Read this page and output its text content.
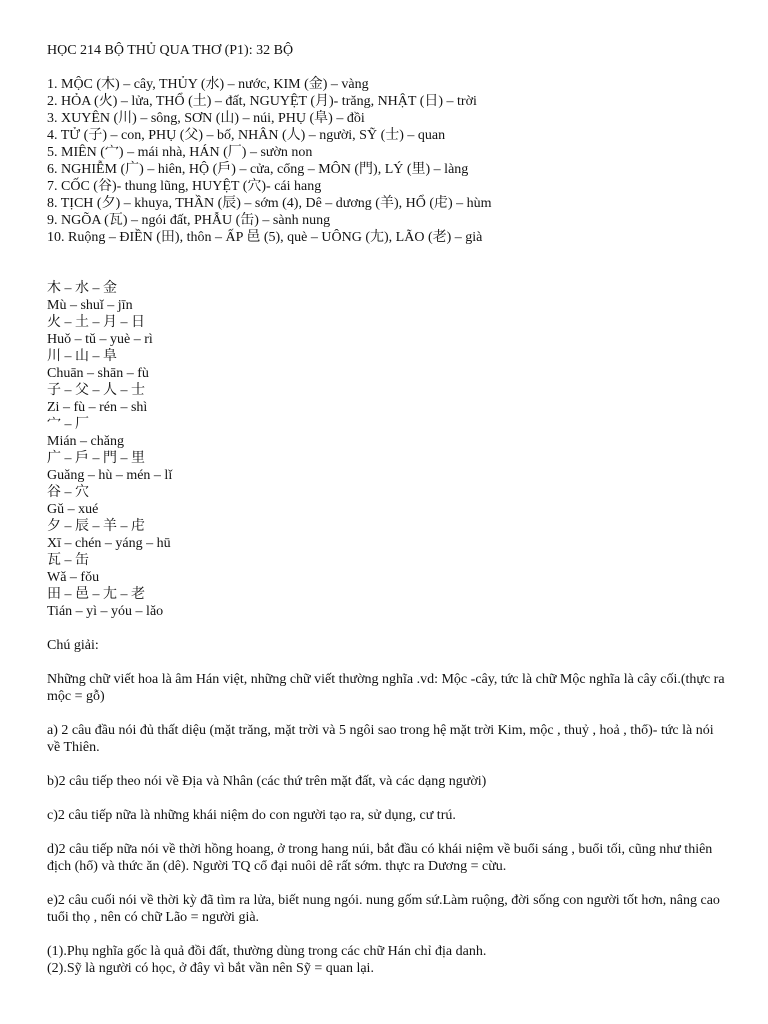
HỌC 214 BỘ THỦ QUA THƠ (P1): 32 BỘ
1. MỘC (木) – cây, THỦY (水) – nước, KIM (金) – vàng
2. HỎA (火) – lửa, THỔ (土) – đất, NGUYỆT (月)- trăng, NHẬT (日) – trời
3. XUYÊN (川) – sông, SƠN (山) – núi, PHỤ (阜) – đồi
4. TỬ (子) – con, PHỤ (父) – bố, NHÂN (人) – người, SỸ (士) – quan
5. MIÊN (宀) – mái nhà, HÁN (厂) – sườn non
6. NGHIỄM (广) – hiên, HỘ (戶) – cửa, cổng – MÔN (門), LÝ (里) – làng
7. CỐC (谷)- thung lũng, HUYỆT (穴)- cái hang
8. TỊCH (夕) – khuya, THẦN (辰) – sớm (4), Dê – dương (羊), HỔ (虍) – hùm
9. NGÕA (瓦) – ngói đất, PHẪU (缶) – sành nung
10. Ruộng – ĐIỀN (田), thôn – ẤP 邑 (5), què – UÔNG (尢), LÃO (老) – già
木 – 水 – 金
Mù – shuǐ – jīn
火 – 土 – 月 – 日
Huǒ – tǔ – yuè – rì
川 – 山 – 阜
Chuān – shān – fù
子 – 父 – 人 – 士
Zi – fù – rén – shì
宀 – 厂
Mián – chǎng
广 – 戶 – 門 – 里
Guǎng – hù – mén – lǐ
谷 – 穴
Gǔ – xué
夕 – 辰 – 羊 – 虍
Xī – chén – yáng – hū
瓦 – 缶
Wǎ – fǒu
田 – 邑 – 尢 – 老
Tián – yì – yóu – lǎo
Chú giải:

Những chữ viết hoa là âm Hán việt, những chữ viết thường nghĩa .vd: Mộc -cây, tức là chữ Mộc nghĩa là cây cối.(thực ra mộc = gỗ)

a) 2 câu đầu nói đủ thất diệu (mặt trăng, mặt trời và 5 ngôi sao trong hệ mặt trời Kim, mộc , thuỷ , hoả , thổ)- tức là nói về Thiên.

b)2 câu tiếp theo nói về Địa và Nhân (các thứ trên mặt đất, và các dạng người)

c)2 câu tiếp nữa là những khái niệm do con người tạo ra, sử dụng, cư trú.

d)2 câu tiếp nữa nói về thời hồng hoang, ở trong hang núi, bắt đầu có khái niệm về buổi sáng , buổi tối, cũng như thiên địch (hổ) và thức ăn (dê). Người TQ cổ đại nuôi dê rất sớm. thực ra Dương = cừu.

e)2 câu cuối nói về thời kỳ đã tìm ra lửa, biết nung ngói. nung gốm sứ.Làm ruộng, đời sống con người tốt hơn, nâng cao tuổi thọ , nên có chữ Lão = người già.

(1).Phụ nghĩa gốc là quả đồi đất, thường dùng trong các chữ Hán chỉ địa danh.
(2).Sỹ là người có học, ở đây vì bắt vần nên Sỹ = quan lại.
